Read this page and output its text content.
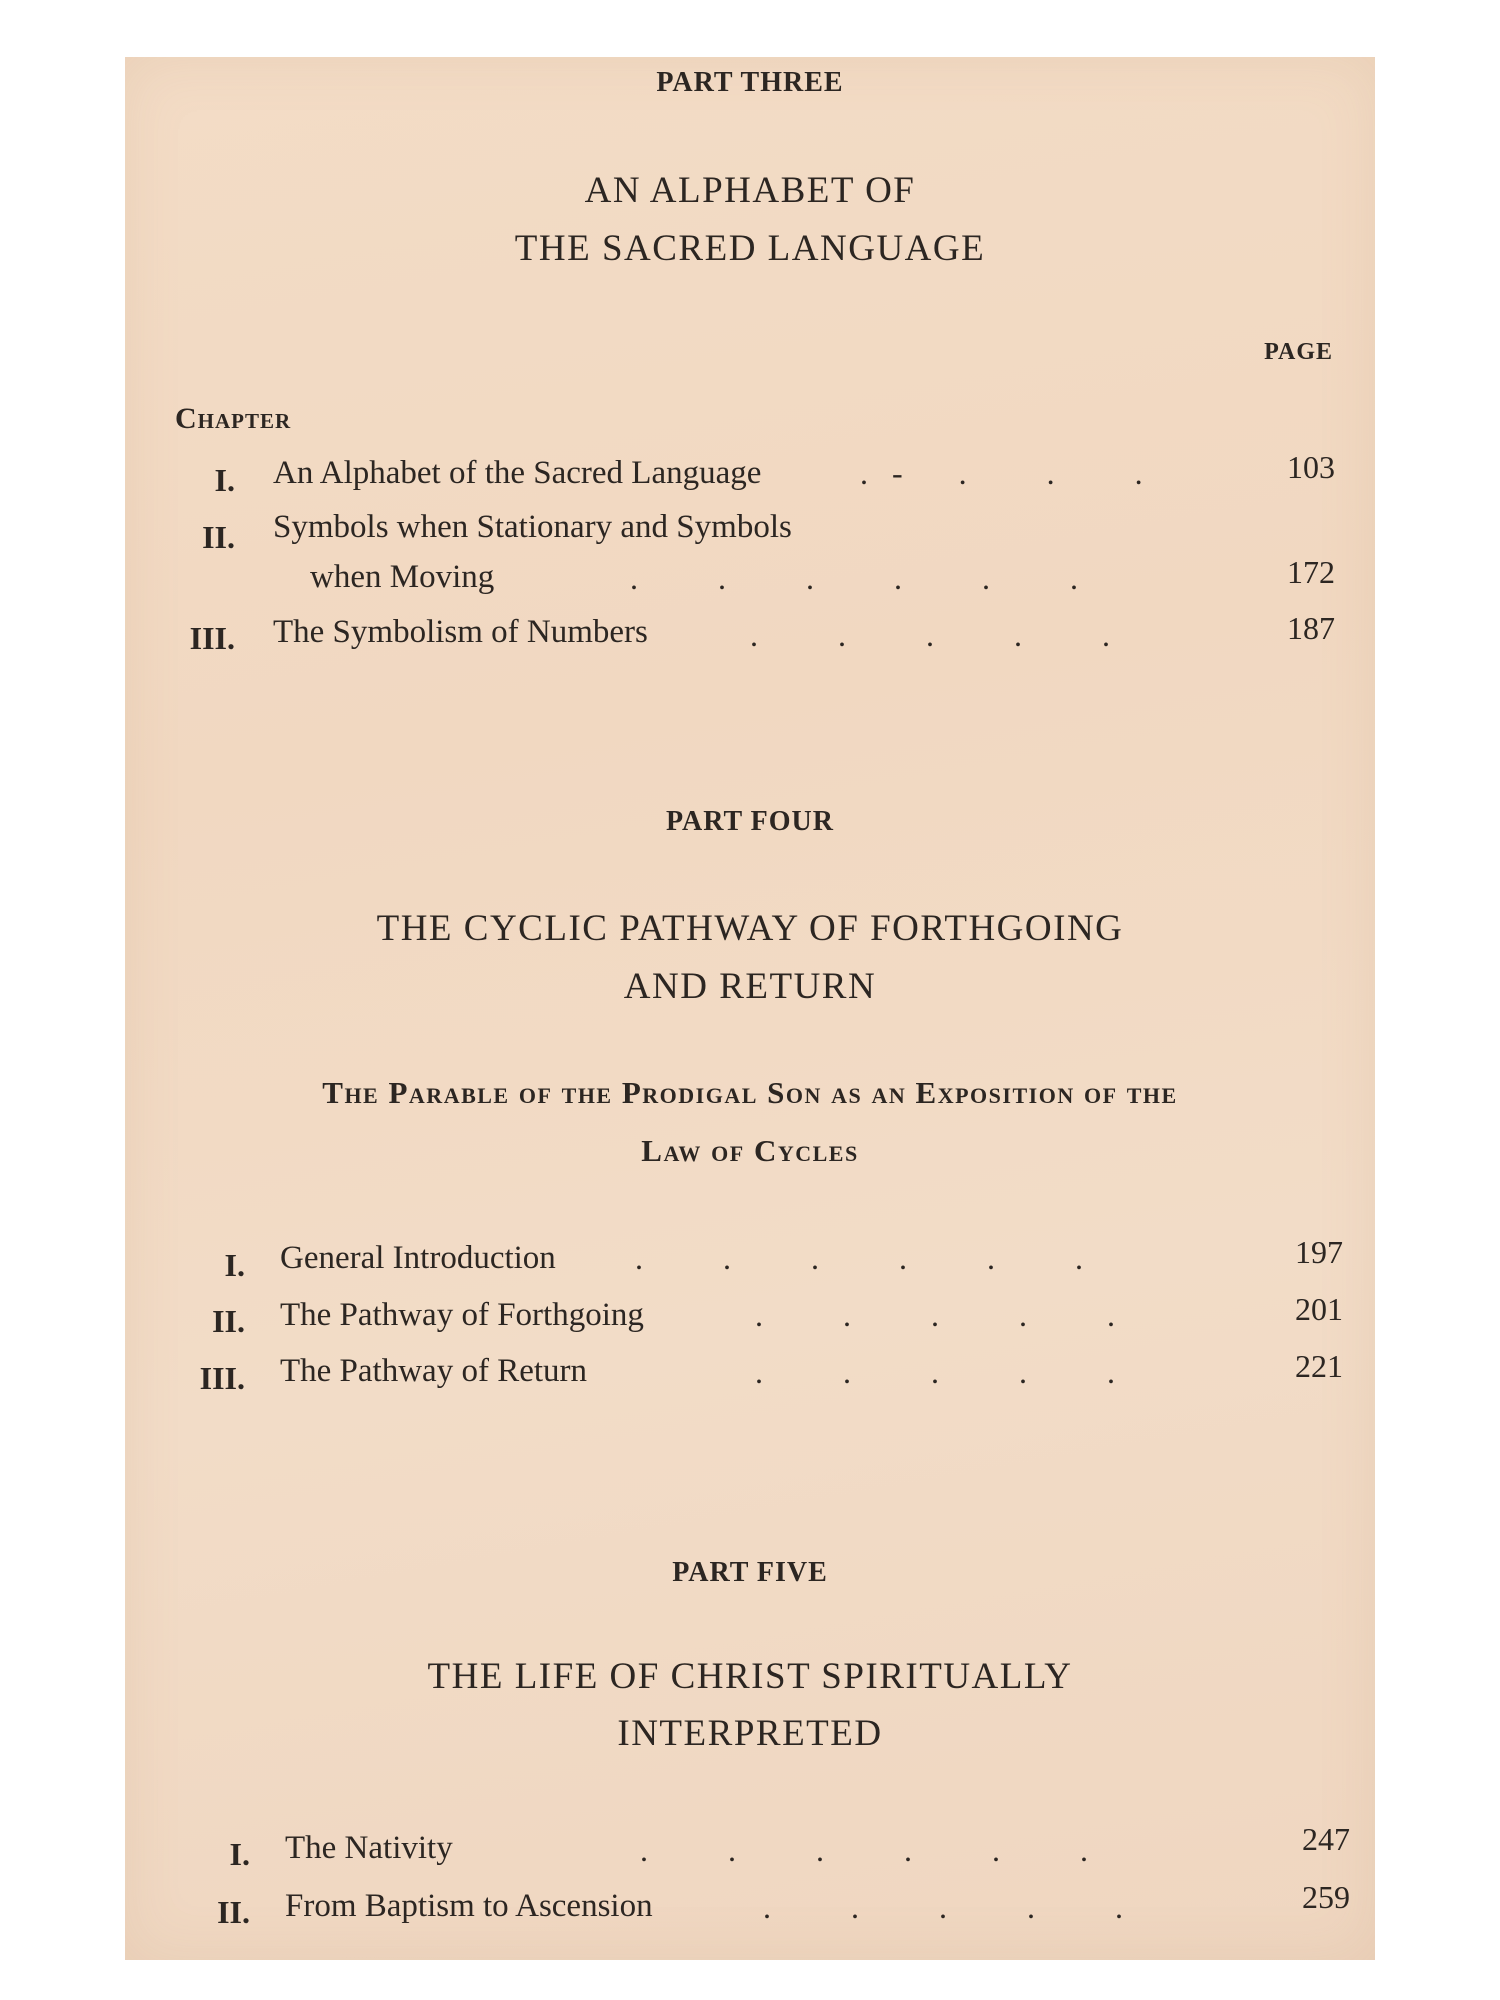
PART THREE
AN ALPHABET OF
THE SACRED LANGUAGE
PAGE
Chapter
I. An Alphabet of the Sacred Language	.   -       .          .          .	103
II. Symbols when Stationary and Symbols
when Moving	.          .          .          .          .          .	172
III. The Symbolism of Numbers	.          .          .          .          .	187
PART FOUR
THE CYCLIC PATHWAY OF FORTHGOING
AND RETURN
The Parable of the Prodigal Son as an Exposition of the
Law of Cycles
I. General Introduction .          .          .          .          .          .	197
II. The Pathway of Forthgoing	.          .          .          .          .	201
III. The Pathway of Return	.          .          .          .          .	221
PART FIVE
THE LIFE OF CHRIST SPIRITUALLY
INTERPRETED
I. The Nativity	.          .          .          .          .          .	247
II. From Baptism to Ascension	.          .          .          .          .	259
